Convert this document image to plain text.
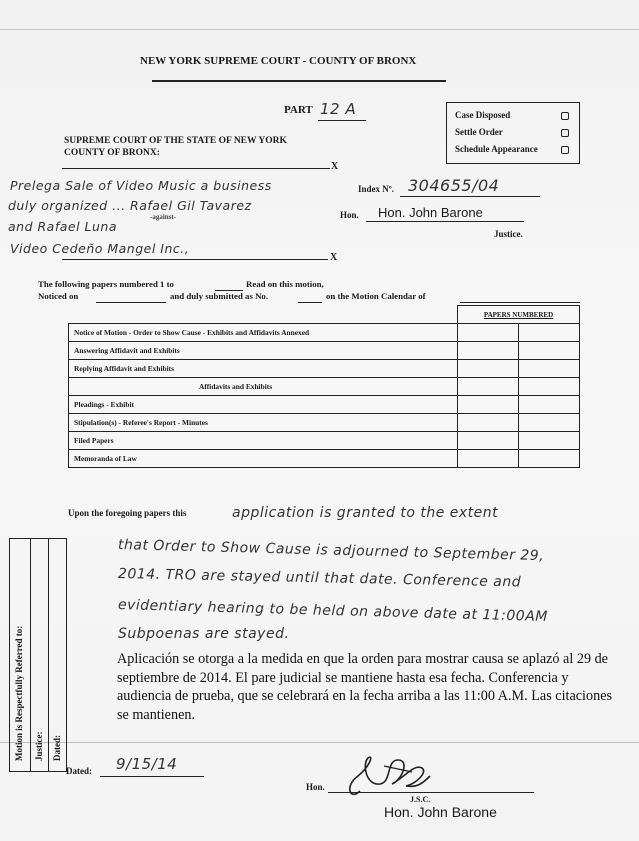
NEW YORK SUPREME COURT - COUNTY OF BRONX
PART 12 A	Case Disposed
Settle Order
Schedule Appearance
SUPREME COURT OF THE STATE OF NEW YORK
COUNTY OF BRONX:
X
Prelega Sale of Video Music a business
duly organized ... Rafael Gil Tavarez
and Rafael Luna
-against-
Index Nº. 304655/04
Hon. Hon. John Barone
Justice.
Video Cedeño Mangel Inc.,
X
The following papers numbered 1 to	Read on this motion,
Noticed on	and duly submitted as No.	on the Motion Calendar of
	PAPERS NUMBERED	
Notice of Motion - Order to Show Cause - Exhibits and Affidavits Annexed		
Answering Affidavit and Exhibits		
Replying Affidavit and Exhibits		
Affidavits and Exhibits		
Pleadings - Exhibit		
Stipulation(s) - Referee's Report - Minutes		
Filed Papers		
Memoranda of Law		
Upon the foregoing papers this	application is granted to the extent
that Order to Show Cause is adjourned to September 29,
2014. TRO are stayed until that date. Conference and
evidentiary hearing to be held on above date at 11:00AM
Subpoenas are stayed.
Aplicación se otorga a la medida en que la orden para mostrar causa se aplazó al 29 de septiembre de 2014. El pare judicial se mantiene hasta esa fecha. Conferencia y audiencia de prueba, que se celebrará en la fecha arriba a las 11:00 A.M. Las citaciones se mantienen.
Motion is Respectfully Referred to: Justice: Dated:
Dated: 9/15/14
Hon.
J.S.C.
Hon. John Barone
